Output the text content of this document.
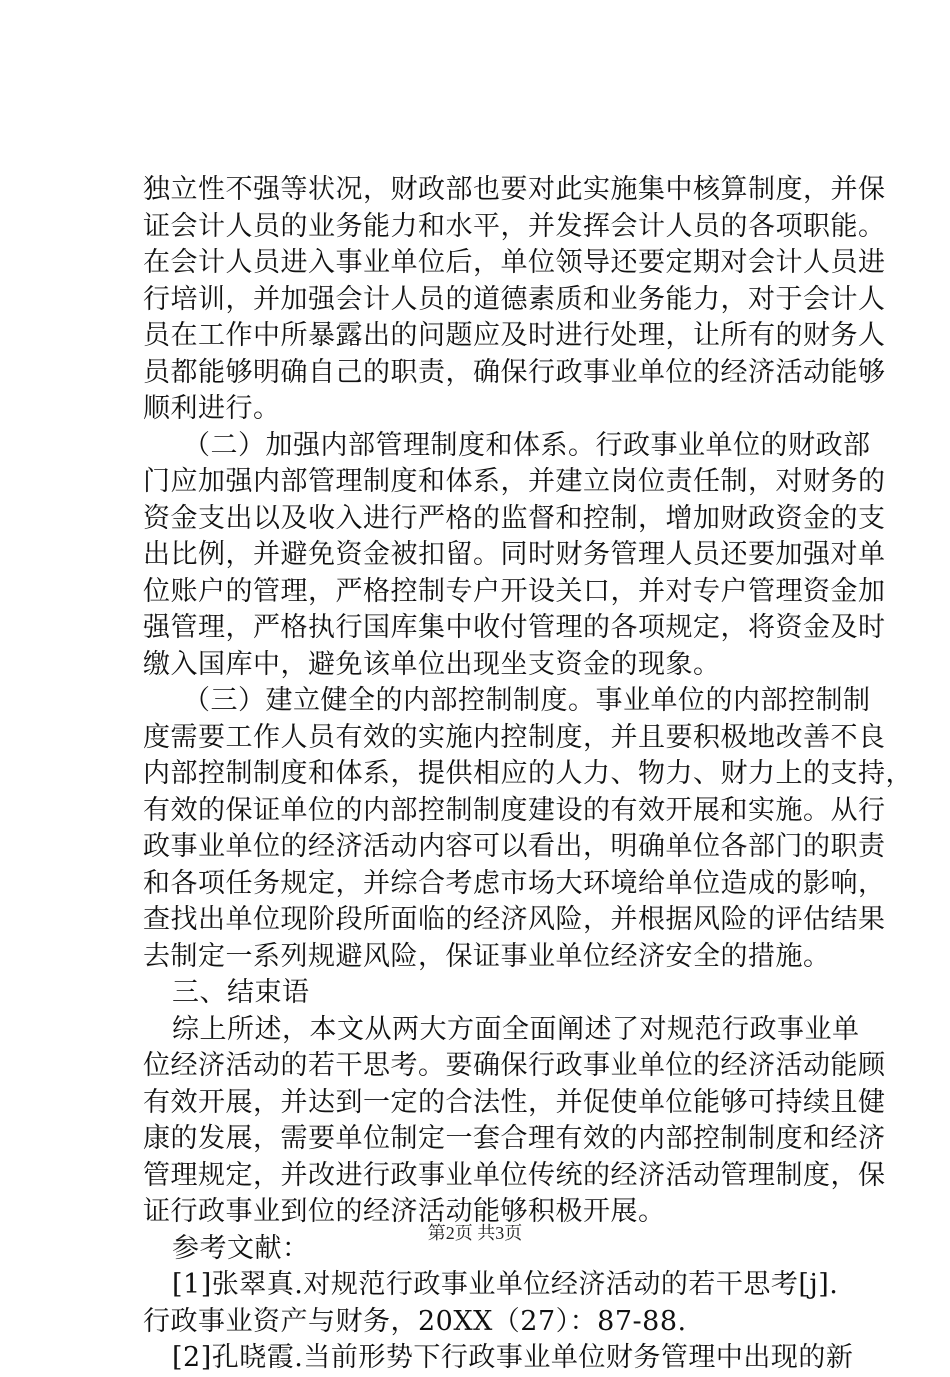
独立性不强等状况，财政部也要对此实施集中核算制度，并保
证会计人员的业务能力和水平，并发挥会计人员的各项职能。
在会计人员进入事业单位后，单位领导还要定期对会计人员进
行培训，并加强会计人员的道德素质和业务能力，对于会计人
员在工作中所暴露出的问题应及时进行处理，让所有的财务人
员都能够明确自己的职责，确保行政事业单位的经济活动能够
顺利进行。
（二）加强内部管理制度和体系。行政事业单位的财政部
门应加强内部管理制度和体系，并建立岗位责任制，对财务的
资金支出以及收入进行严格的监督和控制，增加财政资金的支
出比例，并避免资金被扣留。同时财务管理人员还要加强对单
位账户的管理，严格控制专户开设关口，并对专户管理资金加
强管理，严格执行国库集中收付管理的各项规定，将资金及时
缴入国库中，避免该单位出现坐支资金的现象。
（三）建立健全的内部控制制度。事业单位的内部控制制
度需要工作人员有效的实施内控制度，并且要积极地改善不良
内部控制制度和体系，提供相应的人力、物力、财力上的支持，
有效的保证单位的内部控制制度建设的有效开展和实施。从行
政事业单位的经济活动内容可以看出，明确单位各部门的职责
和各项任务规定，并综合考虑市场大环境给单位造成的影响，
查找出单位现阶段所面临的经济风险，并根据风险的评估结果
去制定一系列规避风险，保证事业单位经济安全的措施。
三、结束语
综上所述，本文从两大方面全面阐述了对规范行政事业单
位经济活动的若干思考。要确保行政事业单位的经济活动能顾
有效开展，并达到一定的合法性，并促使单位能够可持续且健
康的发展，需要单位制定一套合理有效的内部控制制度和经济
管理规定，并改进行政事业单位传统的经济活动管理制度，保
证行政事业到位的经济活动能够积极开展。
参考文献：
[1]张翠真.对规范行政事业单位经济活动的若干思考[j].
行政事业资产与财务，20XX（27）：87-88.
[2]孔晓霞.当前形势下行政事业单位财务管理中出现的新
第2页 共3页
